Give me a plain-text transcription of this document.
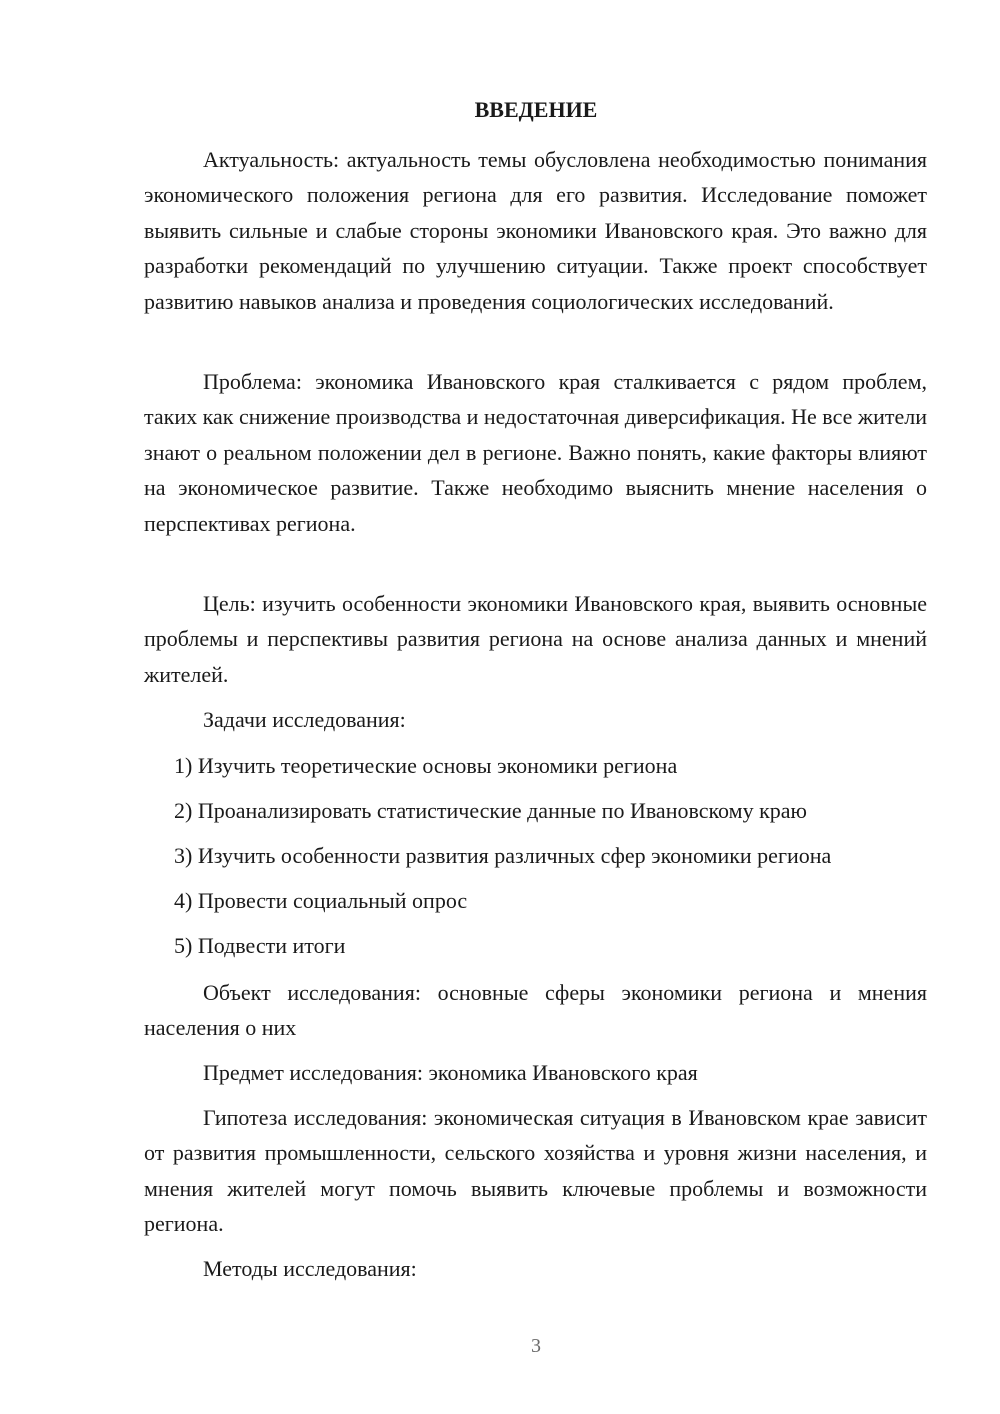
ВВЕДЕНИЕ

Актуальность: актуальность темы обусловлена необходимостью понимания экономического положения региона для его развития. Исследование поможет выявить сильные и слабые стороны экономики Ивановского края. Это важно для разработки рекомендаций по улучшению ситуации. Также проект способствует развитию навыков анализа и проведения социологических исследований.

Проблема: экономика Ивановского края сталкивается с рядом проблем, таких как снижение производства и недостаточная диверсификация. Не все жители знают о реальном положении дел в регионе. Важно понять, какие факторы влияют на экономическое развитие. Также необходимо выяснить мнение населения о перспективах региона.

Цель: изучить особенности экономики Ивановского края, выявить основные проблемы и перспективы развития региона на основе анализа данных и мнений жителей.

Задачи исследования:

1) Изучить теоретические основы экономики региона

2) Проанализировать статистические данные по Ивановскому краю

3) Изучить особенности развития различных сфер экономики региона

4) Провести социальный опрос

5) Подвести итоги

Объект исследования: основные сферы экономики региона и мнения населения о них

Предмет исследования: экономика Ивановского края

Гипотеза исследования: экономическая ситуация в Ивановском крае зависит от развития промышленности, сельского хозяйства и уровня жизни населения, и мнения жителей могут помочь выявить ключевые проблемы и возможности региона.

Методы исследования:

3
